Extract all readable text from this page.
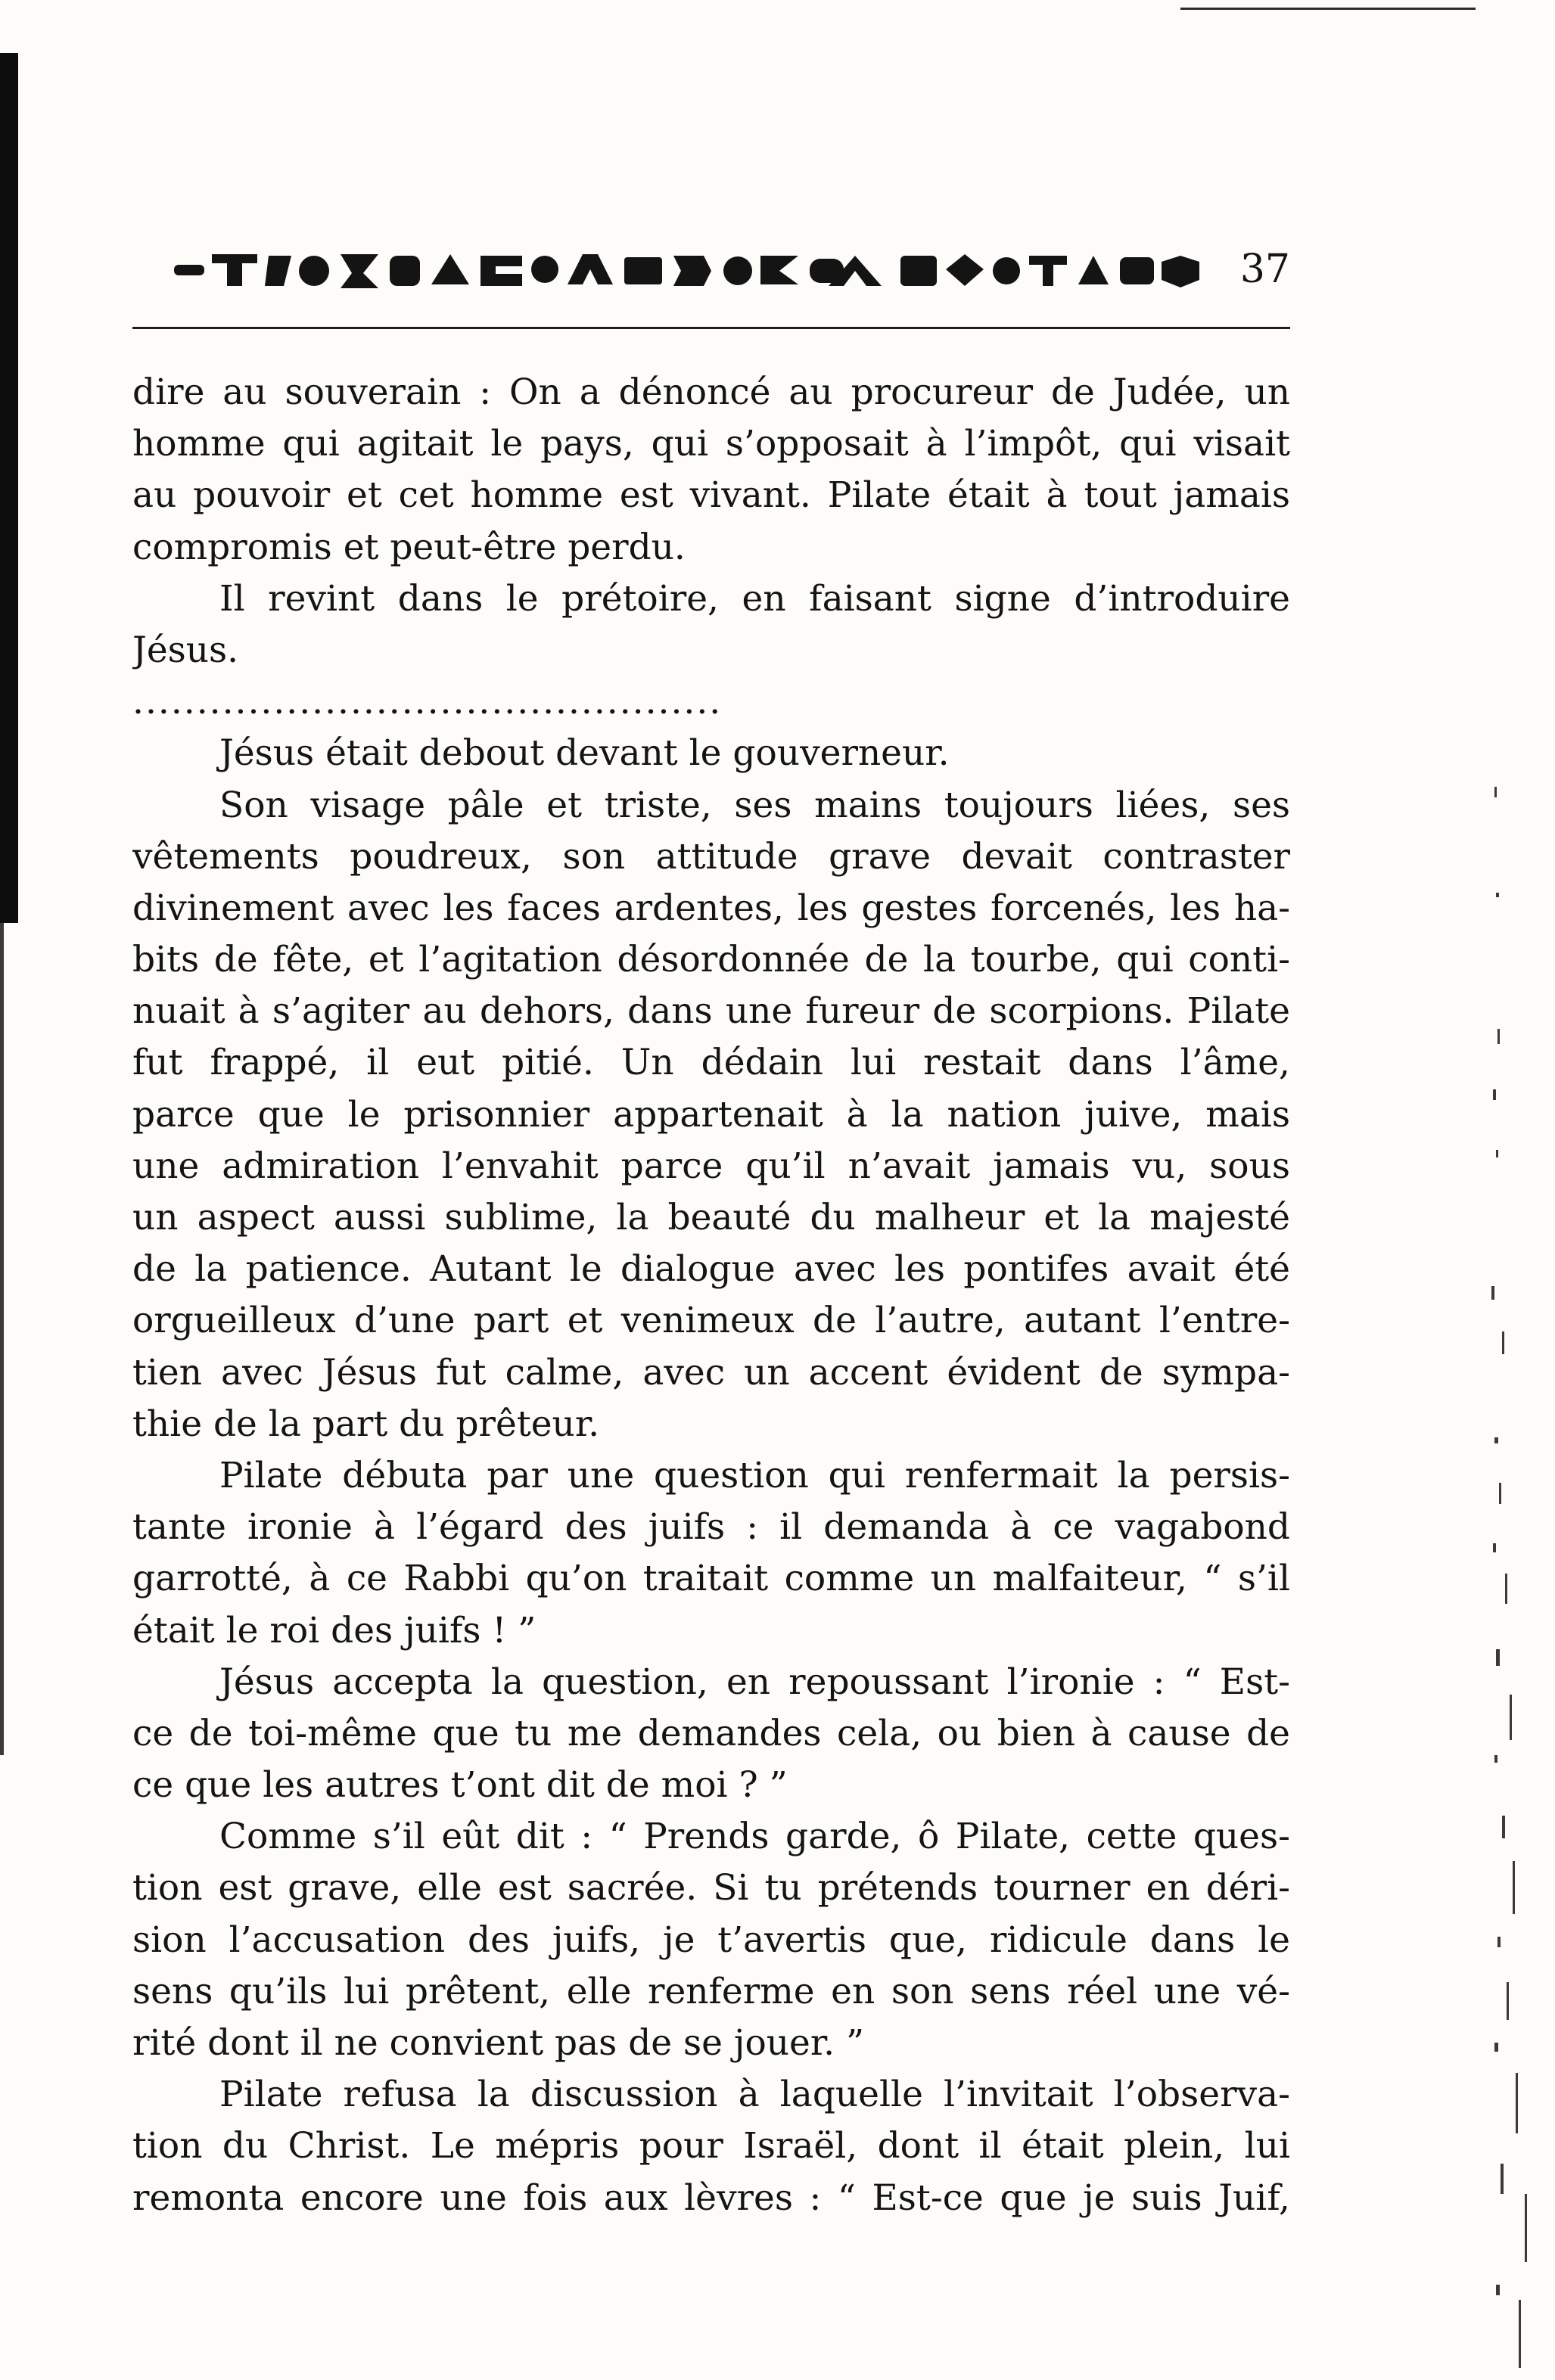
37
dire au souverain : On a dénoncé au procureur de Judée, un
homme qui agitait le pays, qui s’opposait à l’impôt, qui visait
au pouvoir et cet homme est vivant. Pilate était à tout jamais
compromis et peut-être perdu.
Il revint dans le prétoire, en faisant signe d’introduire
Jésus.
..............................................
Jésus était debout devant le gouverneur.
Son visage pâle et triste, ses mains toujours liées, ses
vêtements poudreux, son attitude grave devait contraster
divinement avec les faces ardentes, les gestes forcenés, les ha-
bits de fête, et l’agitation désordonnée de la tourbe, qui conti-
nuait à s’agiter au dehors, dans une fureur de scorpions. Pilate
fut frappé, il eut pitié. Un dédain lui restait dans l’âme,
parce que le prisonnier appartenait à la nation juive, mais
une admiration l’envahit parce qu’il n’avait jamais vu, sous
un aspect aussi sublime, la beauté du malheur et la majesté
de la patience. Autant le dialogue avec les pontifes avait été
orgueilleux d’une part et venimeux de l’autre, autant l’entre-
tien avec Jésus fut calme, avec un accent évident de sympa-
thie de la part du prêteur.
Pilate débuta par une question qui renfermait la persis-
tante ironie à l’égard des juifs : il demanda à ce vagabond
garrotté, à ce Rabbi qu’on traitait comme un malfaiteur, “ s’il
était le roi des juifs ! ”
Jésus accepta la question, en repoussant l’ironie : “ Est-
ce de toi-même que tu me demandes cela, ou bien à cause de
ce que les autres t’ont dit de moi ? ”
Comme s’il eût dit : “ Prends garde, ô Pilate, cette ques-
tion est grave, elle est sacrée. Si tu prétends tourner en déri-
sion l’accusation des juifs, je t’avertis que, ridicule dans le
sens qu’ils lui prêtent, elle renferme en son sens réel une vé-
rité dont il ne convient pas de se jouer. ”
Pilate refusa la discussion à laquelle l’invitait l’observa-
tion du Christ. Le mépris pour Israël, dont il était plein, lui
remonta encore une fois aux lèvres : “ Est-ce que je suis Juif,
